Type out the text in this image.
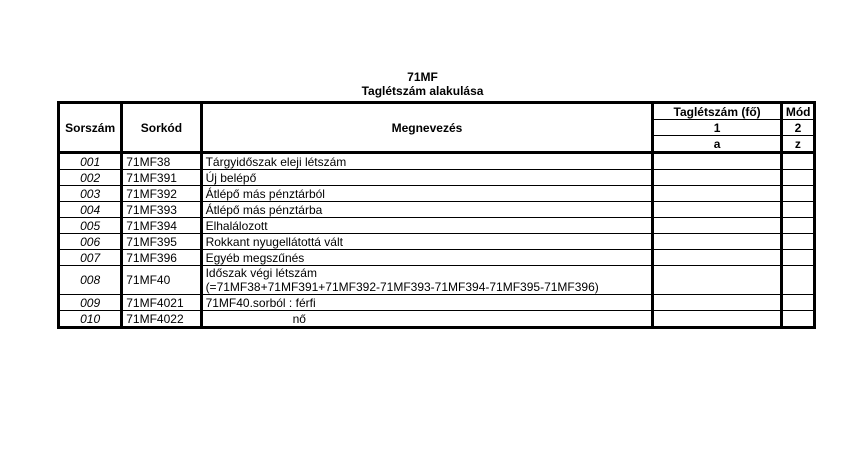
71MF
Taglétszám alakulása
Sorszám	Sorkód	Megnevezés	Taglétszám (fő)	Mód
			1	2
			a	z
001	71MF38	Tárgyidőszak eleji létszám		
002	71MF391	Új belépő		
003	71MF392	Átlépő más pénztárból		
004	71MF393	Átlépő más pénztárba		
005	71MF394	Elhalálozott		
006	71MF395	Rokkant nyugellátottá vált		
007	71MF396	Egyéb megszűnés		
008	71MF40	Időszak végi létszám
(=71MF38+71MF391+71MF392-71MF393-71MF394-71MF395-71MF396)		

009	71MF4021	71MF40.sorból : férfi		
010	71MF4022	nő		
